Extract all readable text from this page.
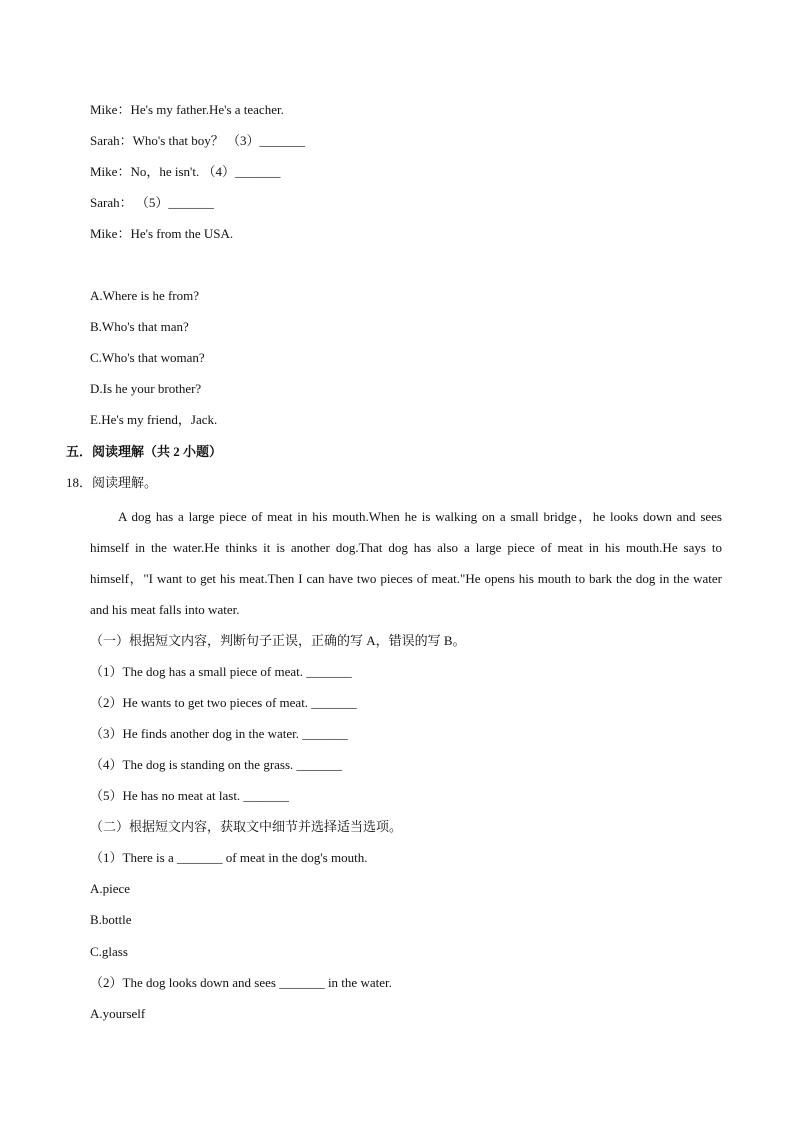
Mike：He's my father.He's a teacher.
Sarah：Who's that boy？ （3）_______
Mike：No，he isn't. （4）_______
Sarah： （5）_______
Mike：He's from the USA.
A.Where is he from?
B.Who's that man?
C.Who's that woman?
D.Is he your brother?
E.He's my friend，Jack.
五．阅读理解（共 2 小题）
18．阅读理解。
A dog has a large piece of meat in his mouth.When he is walking on a small bridge，he looks down and sees himself in the water.He thinks it is another dog.That dog has also a large piece of meat in his mouth.He says to himself，"I want to get his meat.Then I can have two pieces of meat."He opens his mouth to bark the dog in the water and his meat falls into water.
（一）根据短文内容，判断句子正误，正确的写 A，错误的写 B。
（1）The dog has a small piece of meat. _______
（2）He wants to get two pieces of meat. _______
（3）He finds another dog in the water. _______
（4）The dog is standing on the grass. _______
（5）He has no meat at last. _______
（二）根据短文内容，获取文中细节并选择适当选项。
（1）There is a _______ of meat in the dog's mouth.
A.piece
B.bottle
C.glass
（2）The dog looks down and sees _______ in the water.
A.yourself
